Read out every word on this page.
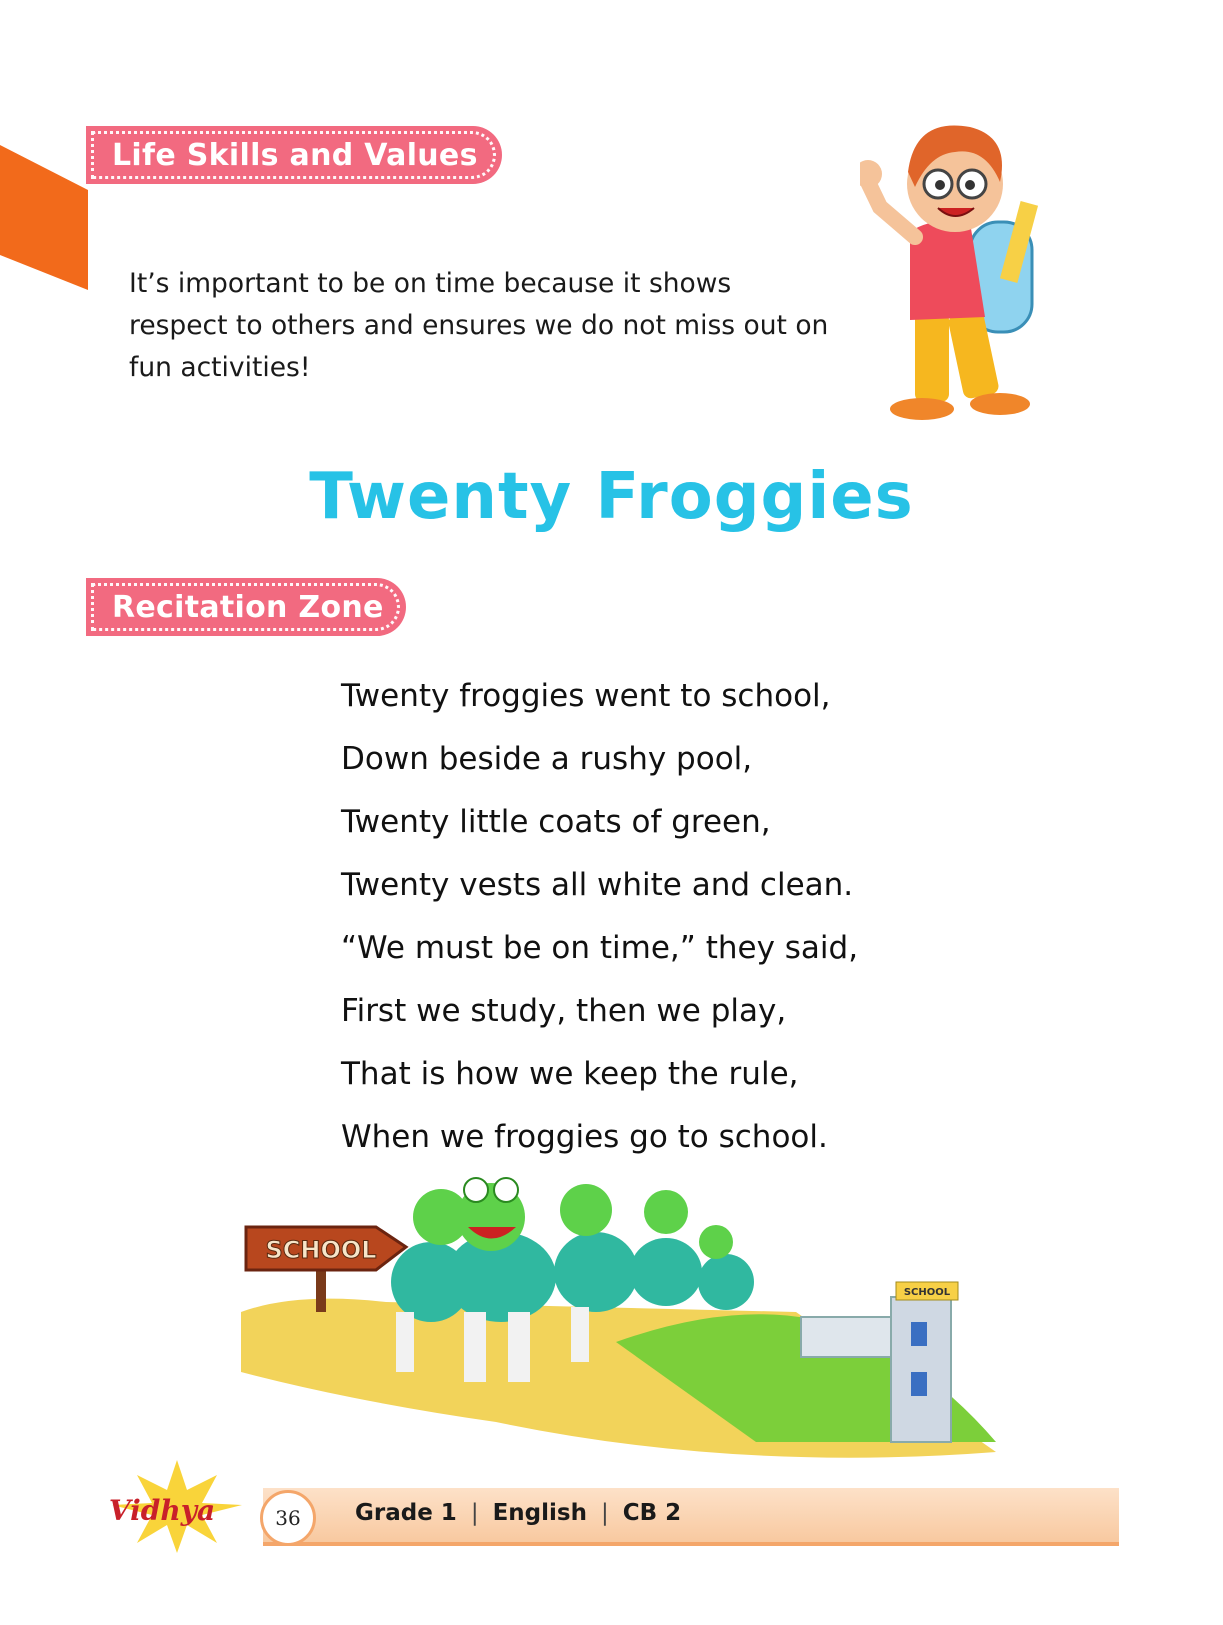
Life Skills and Values
It’s important to be on time because it shows respect to others and ensures we do not miss out on fun activities!
Twenty Froggies
Recitation Zone
Twenty froggies went to school,
Down beside a rushy pool,
Twenty little coats of green,
Twenty vests all white and clean.
“We must be on time,” they said,
First we study, then we play,
That is how we keep the rule,
When we froggies go to school.
SCHOOL
SCHOOL
Vidhya	36	Grade 1 | English | CB 2
